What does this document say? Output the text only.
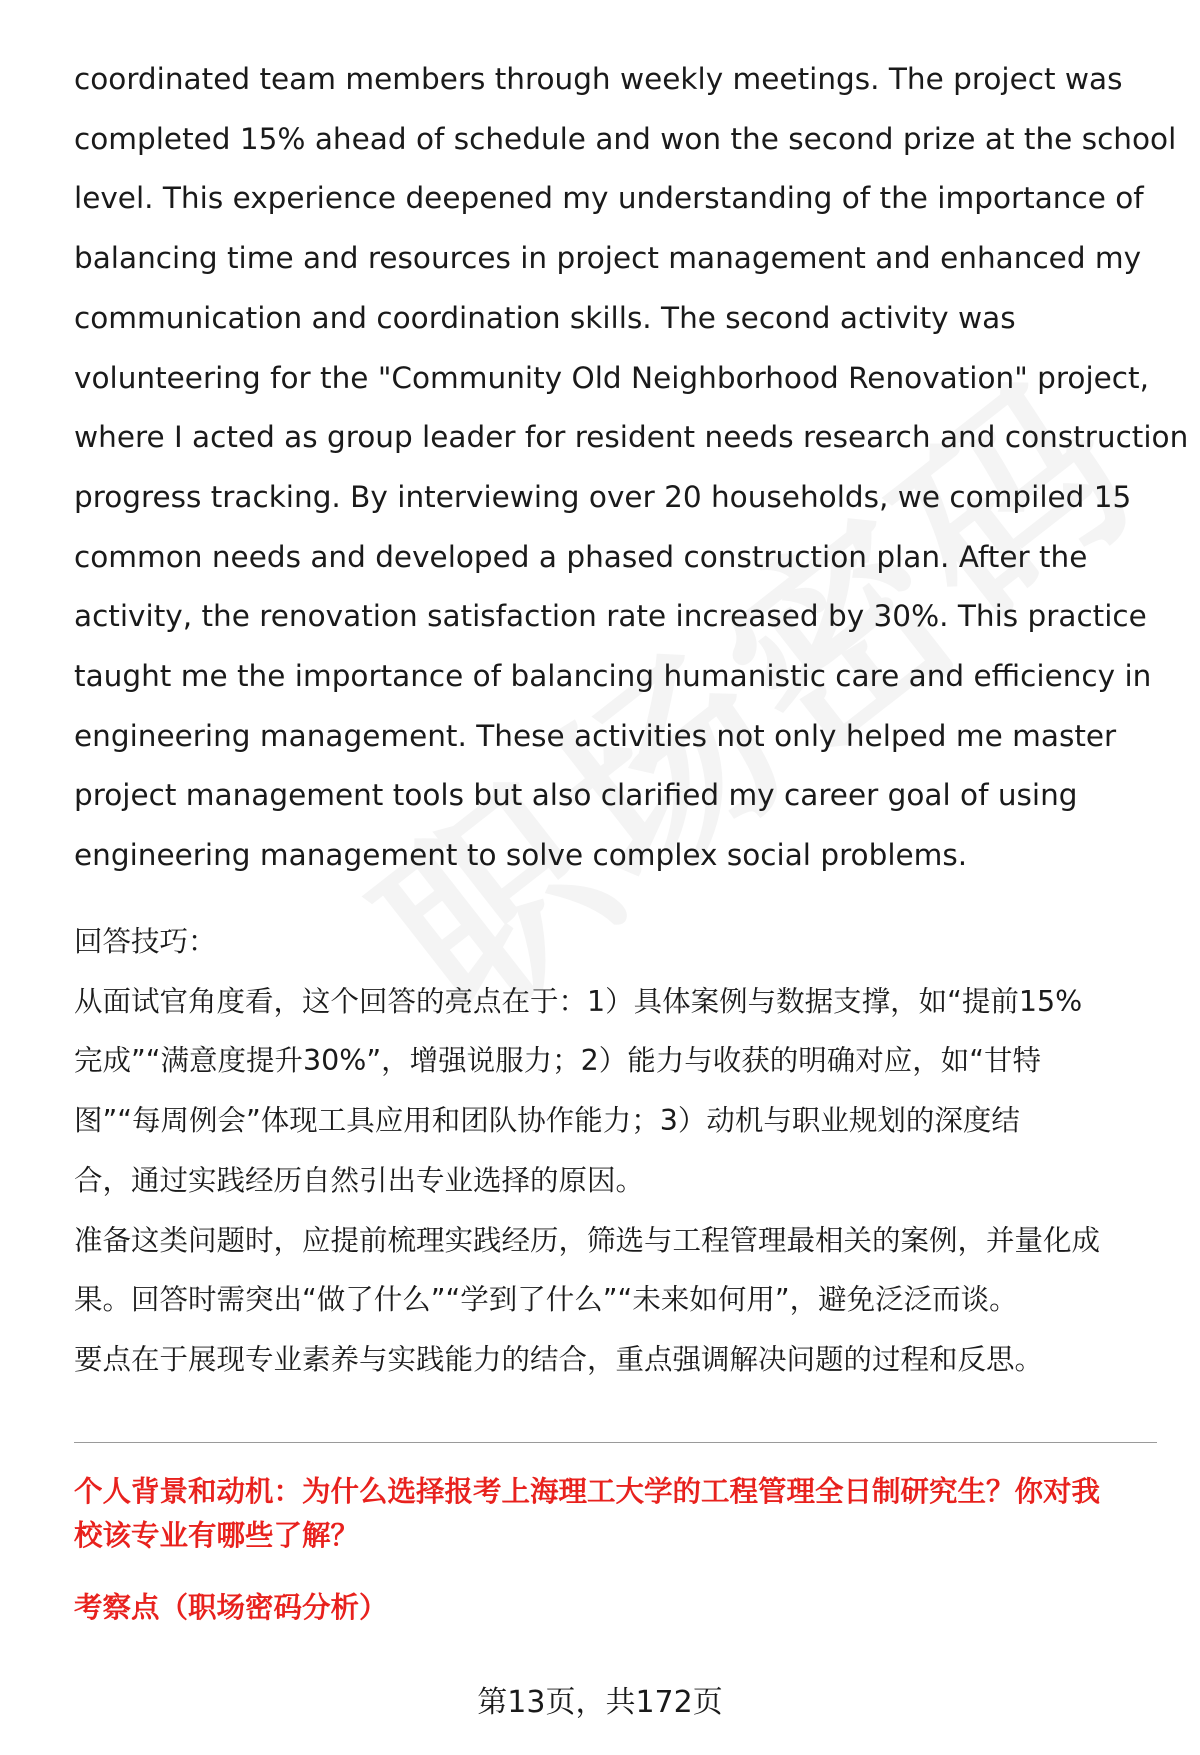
coordinated team members through weekly meetings. The project was
completed 15% ahead of schedule and won the second prize at the school
level. This experience deepened my understanding of the importance of
balancing time and resources in project management and enhanced my
communication and coordination skills. The second activity was
volunteering for the "Community Old Neighborhood Renovation" project,
where I acted as group leader for resident needs research and construction
progress tracking. By interviewing over 20 households, we compiled 15
common needs and developed a phased construction plan. After the
activity, the renovation satisfaction rate increased by 30%. This practice
taught me the importance of balancing humanistic care and efficiency in
engineering management. These activities not only helped me master
project management tools but also clarified my career goal of using
engineering management to solve complex social problems.

回答技巧：
从面试官角度看，这个回答的亮点在于：1）具体案例与数据支撑，如“提前15%
完成”“满意度提升30%”，增强说服力；2）能力与收获的明确对应，如“甘特
图”“每周例会”体现工具应用和团队协作能力；3）动机与职业规划的深度结
合，通过实践经历自然引出专业选择的原因。
准备这类问题时，应提前梳理实践经历，筛选与工程管理最相关的案例，并量化成
果。回答时需突出“做了什么”“学到了什么”“未来如何用”，避免泛泛而谈。
要点在于展现专业素养与实践能力的结合，重点强调解决问题的过程和反思。
个人背景和动机：为什么选择报考上海理工大学的工程管理全日制研究生？你对我
校该专业有哪些了解？
考察点（职场密码分析）
第13页，共172页
